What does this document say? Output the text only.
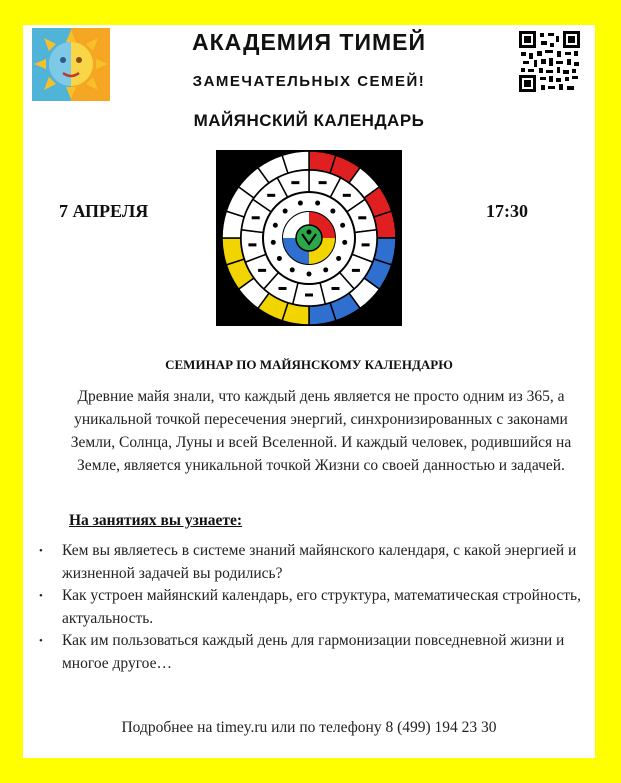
АКАДЕМИЯ ТИМЕЙ
ЗАМЕЧАТЕЛЬНЫХ СЕМЕЙ!
МАЙЯНСКИЙ КАЛЕНДАРЬ
7 АПРЕЛЯ	17:30
СЕМИНАР ПО МАЙЯНСКОМУ КАЛЕНДАРЮ
Древние майя знали, что каждый день является не просто одним из 365, а уникальной точкой пересечения энергий, синхронизированных с законами Земли, Солнца, Луны и всей Вселенной. И каждый человек, родившийся на Земле, является уникальной точкой Жизни со своей данностью и задачей.
На занятиях вы узнаете:
• Кем вы являетесь в системе знаний майянского календаря, с какой энергией и жизненной задачей вы родились?
• Как устроен майянский календарь, его структура, математическая стройность, актуальность.
• Как им пользоваться каждый день для гармонизации повседневной жизни и многое другое…
Подробнее на timey.ru или по телефону 8 (499) 194 23 30
